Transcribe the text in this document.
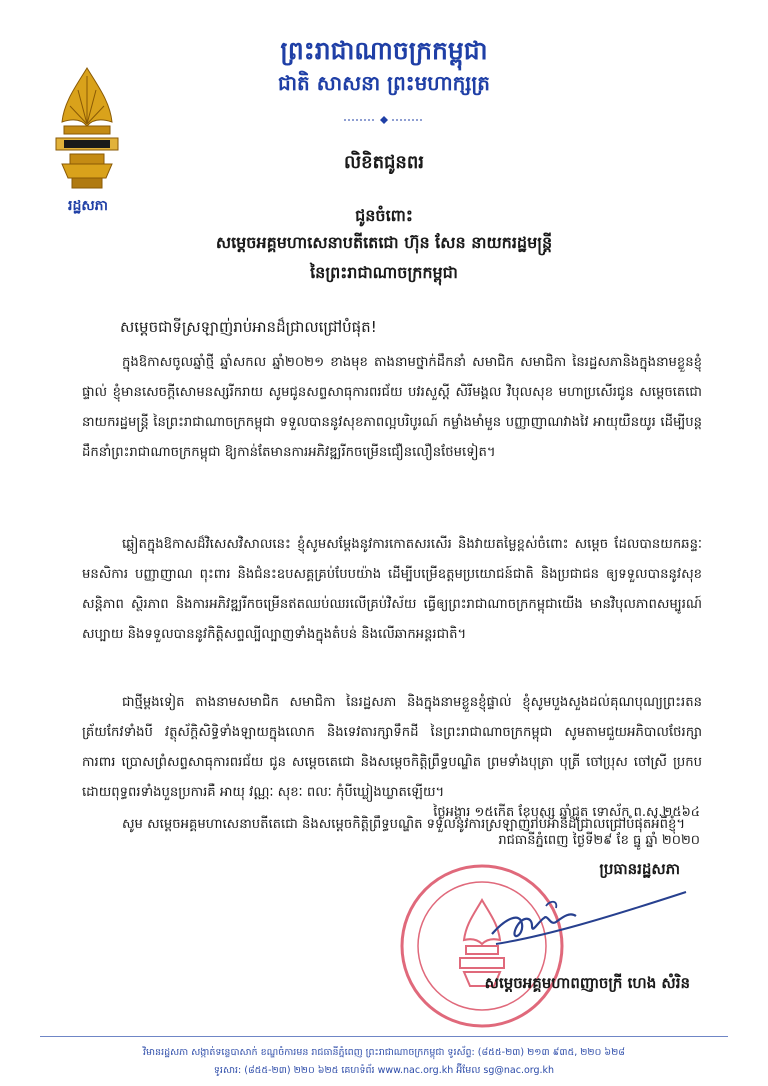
ព្រះរាជាណាចក្រកម្ពុជា
ជាតិ សាសនា ព្រះមហាក្សត្រ
រដ្ឋសភា
លិខិតជូនពរ
ជូនចំពោះ
សម្តេចអគ្គមហាសេនាបតីតេជោ ហ៊ុន សែន នាយករដ្ឋមន្ត្រី
នៃព្រះរាជាណាចក្រកម្ពុជា
សម្តេចជាទីស្រឡាញ់រាប់អានដ៏ជ្រាលជ្រៅបំផុត!
ក្នុងឱកាសចូលឆ្នាំថ្មី ឆ្នាំសកល ឆ្នាំ២០២១ ខាងមុខ តាងនាមថ្នាក់ដឹកនាំ សមាជិក សមាជិកា នៃរដ្ឋសភានិងក្នុងនាមខ្លួនខ្ញុំផ្ទាល់ ខ្ញុំមានសេចក្តីសោមនស្សរីករាយ សូមជូនសព្ទសាធុការពរជ័យ បវរសួស្តី សិរីមង្គល វិបុលសុខ មហាប្រសើរជូន សម្តេចតេជោ នាយករដ្ឋមន្ត្រី នៃព្រះរាជាណាចក្រកម្ពុជា ទទួលបាននូវសុខភាពល្អបរិបូរណ៍ កម្លាំងមាំមួន បញ្ញាញាណវាងវៃ អាយុយឺនយូរ ដើម្បីបន្តដឹកនាំព្រះរាជាណាចក្រកម្ពុជា ឱ្យកាន់តែមានការអភិវឌ្ឍរីកចម្រើនជឿនលឿនថែមទៀត។
ឆ្លៀតក្នុងឱកាសដ៏វិសេសវិសាលនេះ ខ្ញុំសូមសម្តែងនូវការកោតសរសើរ និងវាយតម្លៃខ្ពស់ចំពោះ សម្តេច ដែលបានយកឆន្ទៈ មនសិការ បញ្ញាញាណ ពុះពារ និងជំនះឧបសគ្គគ្រប់បែបយ៉ាង ដើម្បីបម្រើឧត្តមប្រយោជន៍ជាតិ និងប្រជាជន ឲ្យទទួលបាននូវសុខសន្តិភាព ស្ថិរភាព និងការអភិវឌ្ឍរីកចម្រើនឥតឈប់ឈរលើគ្រប់វិស័យ ធ្វើឲ្យព្រះរាជាណាចក្រកម្ពុជាយើង មានវិបុលភាពសម្បូរណ៍សប្បាយ និងទទួលបាននូវកិត្តិសព្ទល្បីល្បាញទាំងក្នុងតំបន់ និងលើឆាកអន្តរជាតិ។
ជាថ្មីម្តងទៀត តាងនាមសមាជិក សមាជិកា នៃរដ្ឋសភា និងក្នុងនាមខ្លួនខ្ញុំផ្ទាល់ ខ្ញុំសូមបួងសួងដល់គុណបុណ្យព្រះរតនត្រ័យកែវទាំងបី វត្ថុស័ក្តិសិទ្ធិទាំងឡាយក្នុងលោក និងទេវតារក្សាទឹកដី នៃព្រះរាជាណាចក្រកម្ពុជា សូមតាមជួយអភិបាលថែរក្សាការពារ ប្រោសព្រំសព្ទសាធុការពរជ័យ ជូន សម្តេចតេជោ និងសម្តេចកិត្តិព្រឹទ្ធបណ្ឌិត ព្រមទាំងបុត្រា បុត្រី ចៅប្រុស ចៅស្រី ប្រកបដោយពុទ្ធពរទាំងបួនប្រការគឺ អាយុ វណ្ណៈ សុខៈ ពលៈ កុំបីឃ្លៀងឃ្លាតឡើយ។
សូម សម្តេចអគ្គមហាសេនាបតីតេជោ និងសម្តេចកិត្តិព្រឹទ្ធបណ្ឌិត ទទួលនូវការស្រឡាញ់រាប់អានដ៏ជ្រាលជ្រៅបំផុតអំពីខ្ញុំ។
ថ្ងៃអង្គារ ១៥កើត ខែបុស្ស ឆ្នាំជូត ទោស័ក ព.ស.២៥៦៤
រាជធានីភ្នំពេញ ថ្ងៃទី២៩ ខែ ធ្នូ ឆ្នាំ ២០២០
ប្រធានរដ្ឋសភា
សម្តេចអគ្គមហាពញាចក្រី ហេង សំរិន
វិមានរដ្ឋសភា សង្កាត់ទន្លេបាសាក់ ខណ្ឌចំការមន រាជធានីភ្នំពេញ ព្រះរាជាណាចក្រកម្ពុជា ទូរស័ព្ទ: (៨៥៥-២៣) ២១៣ ៩៣៥, ២២០ ៦២៨
ទូរសារ: (៨៥៥-២៣) ២២០ ៦២៥ គេហទំព័រ www.nac.org.kh អ៊ីមែល sg@nac.org.kh
